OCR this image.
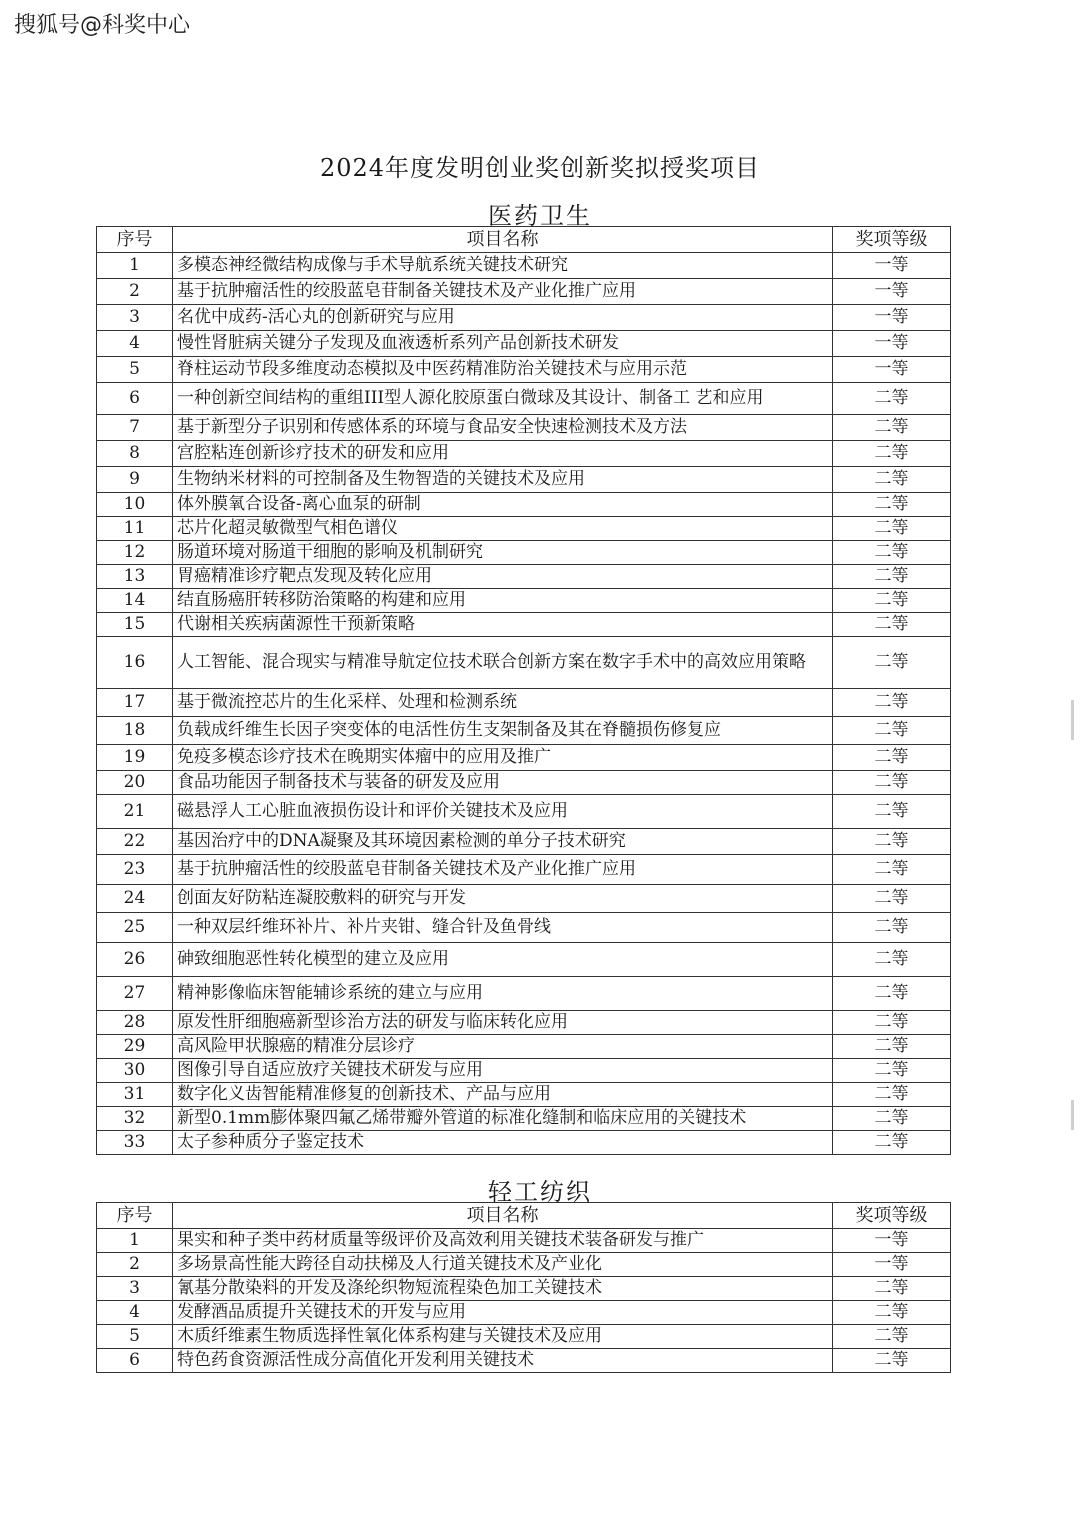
搜狐号@科奖中心
2024年度发明创业奖创新奖拟授奖项目
医药卫生
序号	项目名称	奖项等级
1	多模态神经微结构成像与手术导航系统关键技术研究	一等
2	基于抗肿瘤活性的绞股蓝皂苷制备关键技术及产业化推广应用	一等
3	名优中成药-活心丸的创新研究与应用	一等
4	慢性肾脏病关键分子发现及血液透析系列产品创新技术研发	一等
5	脊柱运动节段多维度动态模拟及中医药精准防治关键技术与应用示范	一等
6	一种创新空间结构的重组III型人源化胶原蛋白微球及其设计、制备工 艺和应用	二等
7	基于新型分子识别和传感体系的环境与食品安全快速检测技术及方法	二等
8	宫腔粘连创新诊疗技术的研发和应用	二等
9	生物纳米材料的可控制备及生物智造的关键技术及应用	二等
10	体外膜氧合设备-离心血泵的研制	二等
11	芯片化超灵敏微型气相色谱仪	二等
12	肠道环境对肠道干细胞的影响及机制研究	二等
13	胃癌精准诊疗靶点发现及转化应用	二等
14	结直肠癌肝转移防治策略的构建和应用	二等
15	代谢相关疾病菌源性干预新策略	二等
16	人工智能、混合现实与精准导航定位技术联合创新方案在数字手术中的高效应用策略	二等
17	基于微流控芯片的生化采样、处理和检测系统	二等
18	负载成纤维生长因子突变体的电活性仿生支架制备及其在脊髓损伤修复应	二等
19	免疫多模态诊疗技术在晚期实体瘤中的应用及推广	二等
20	食品功能因子制备技术与装备的研发及应用	二等
21	磁悬浮人工心脏血液损伤设计和评价关键技术及应用	二等
22	基因治疗中的DNA凝聚及其环境因素检测的单分子技术研究	二等
23	基于抗肿瘤活性的绞股蓝皂苷制备关键技术及产业化推广应用	二等
24	创面友好防粘连凝胶敷料的研究与开发	二等
25	一种双层纤维环补片、补片夹钳、缝合针及鱼骨线	二等
26	砷致细胞恶性转化模型的建立及应用	二等
27	精神影像临床智能辅诊系统的建立与应用	二等
28	原发性肝细胞癌新型诊治方法的研发与临床转化应用	二等
29	高风险甲状腺癌的精准分层诊疗	二等
30	图像引导自适应放疗关键技术研发与应用	二等
31	数字化义齿智能精准修复的创新技术、产品与应用	二等
32	新型0.1mm膨体聚四氟乙烯带瓣外管道的标准化缝制和临床应用的关键技术	二等
33	太子参种质分子鉴定技术	二等
轻工纺织
序号	项目名称	奖项等级
1	果实和种子类中药材质量等级评价及高效利用关键技术装备研发与推广	一等
2	多场景高性能大跨径自动扶梯及人行道关键技术及产业化	一等
3	氰基分散染料的开发及涤纶织物短流程染色加工关键技术	二等
4	发酵酒品质提升关键技术的开发与应用	二等
5	木质纤维素生物质选择性氧化体系构建与关键技术及应用	二等
6	特色药食资源活性成分高值化开发利用关键技术	二等
